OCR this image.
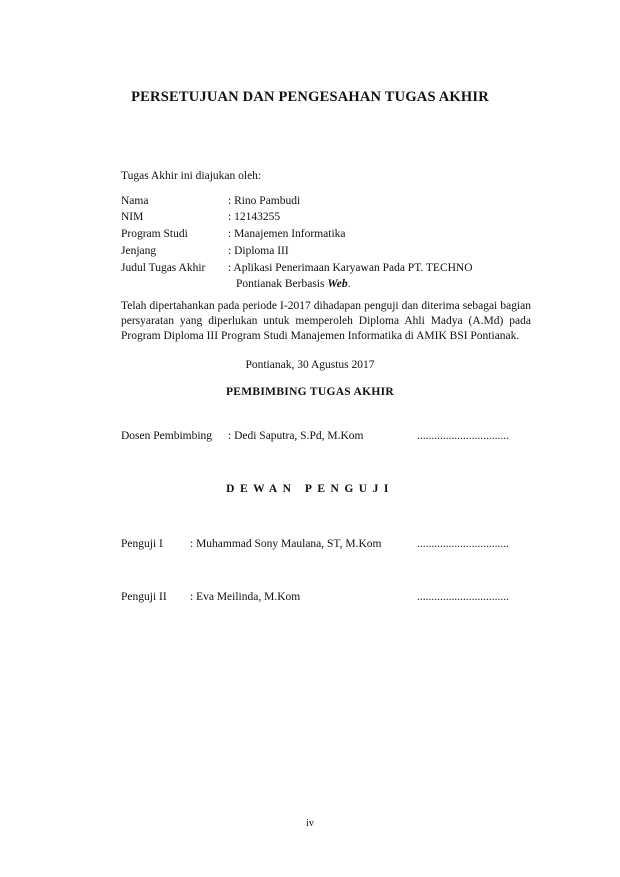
PERSETUJUAN DAN PENGESAHAN TUGAS AKHIR
Tugas Akhir ini diajukan oleh:
Nama	: Rino Pambudi
NIM	: 12143255
Program Studi	: Manajemen Informatika
Jenjang	: Diploma III
Judul Tugas Akhir : Aplikasi Penerimaan Karyawan Pada PT. TECHNO
Pontianak Berbasis Web.
Telah dipertahankan pada periode I-2017 dihadapan penguji dan diterima sebagai bagian persyaratan yang diperlukan untuk memperoleh Diploma Ahli Madya (A.Md) pada Program Diploma III Program Studi Manajemen Informatika di AMIK BSI Pontianak.
Pontianak, 30 Agustus 2017
PEMBIMBING TUGAS AKHIR
Dosen Pembimbing : Dedi Saputra, S.Pd, M.Kom	................................
DEWAN PENGUJI
Penguji I : Muhammad Sony Maulana, ST, M.Kom	................................
Penguji II : Eva Meilinda, M.Kom	................................
iv
